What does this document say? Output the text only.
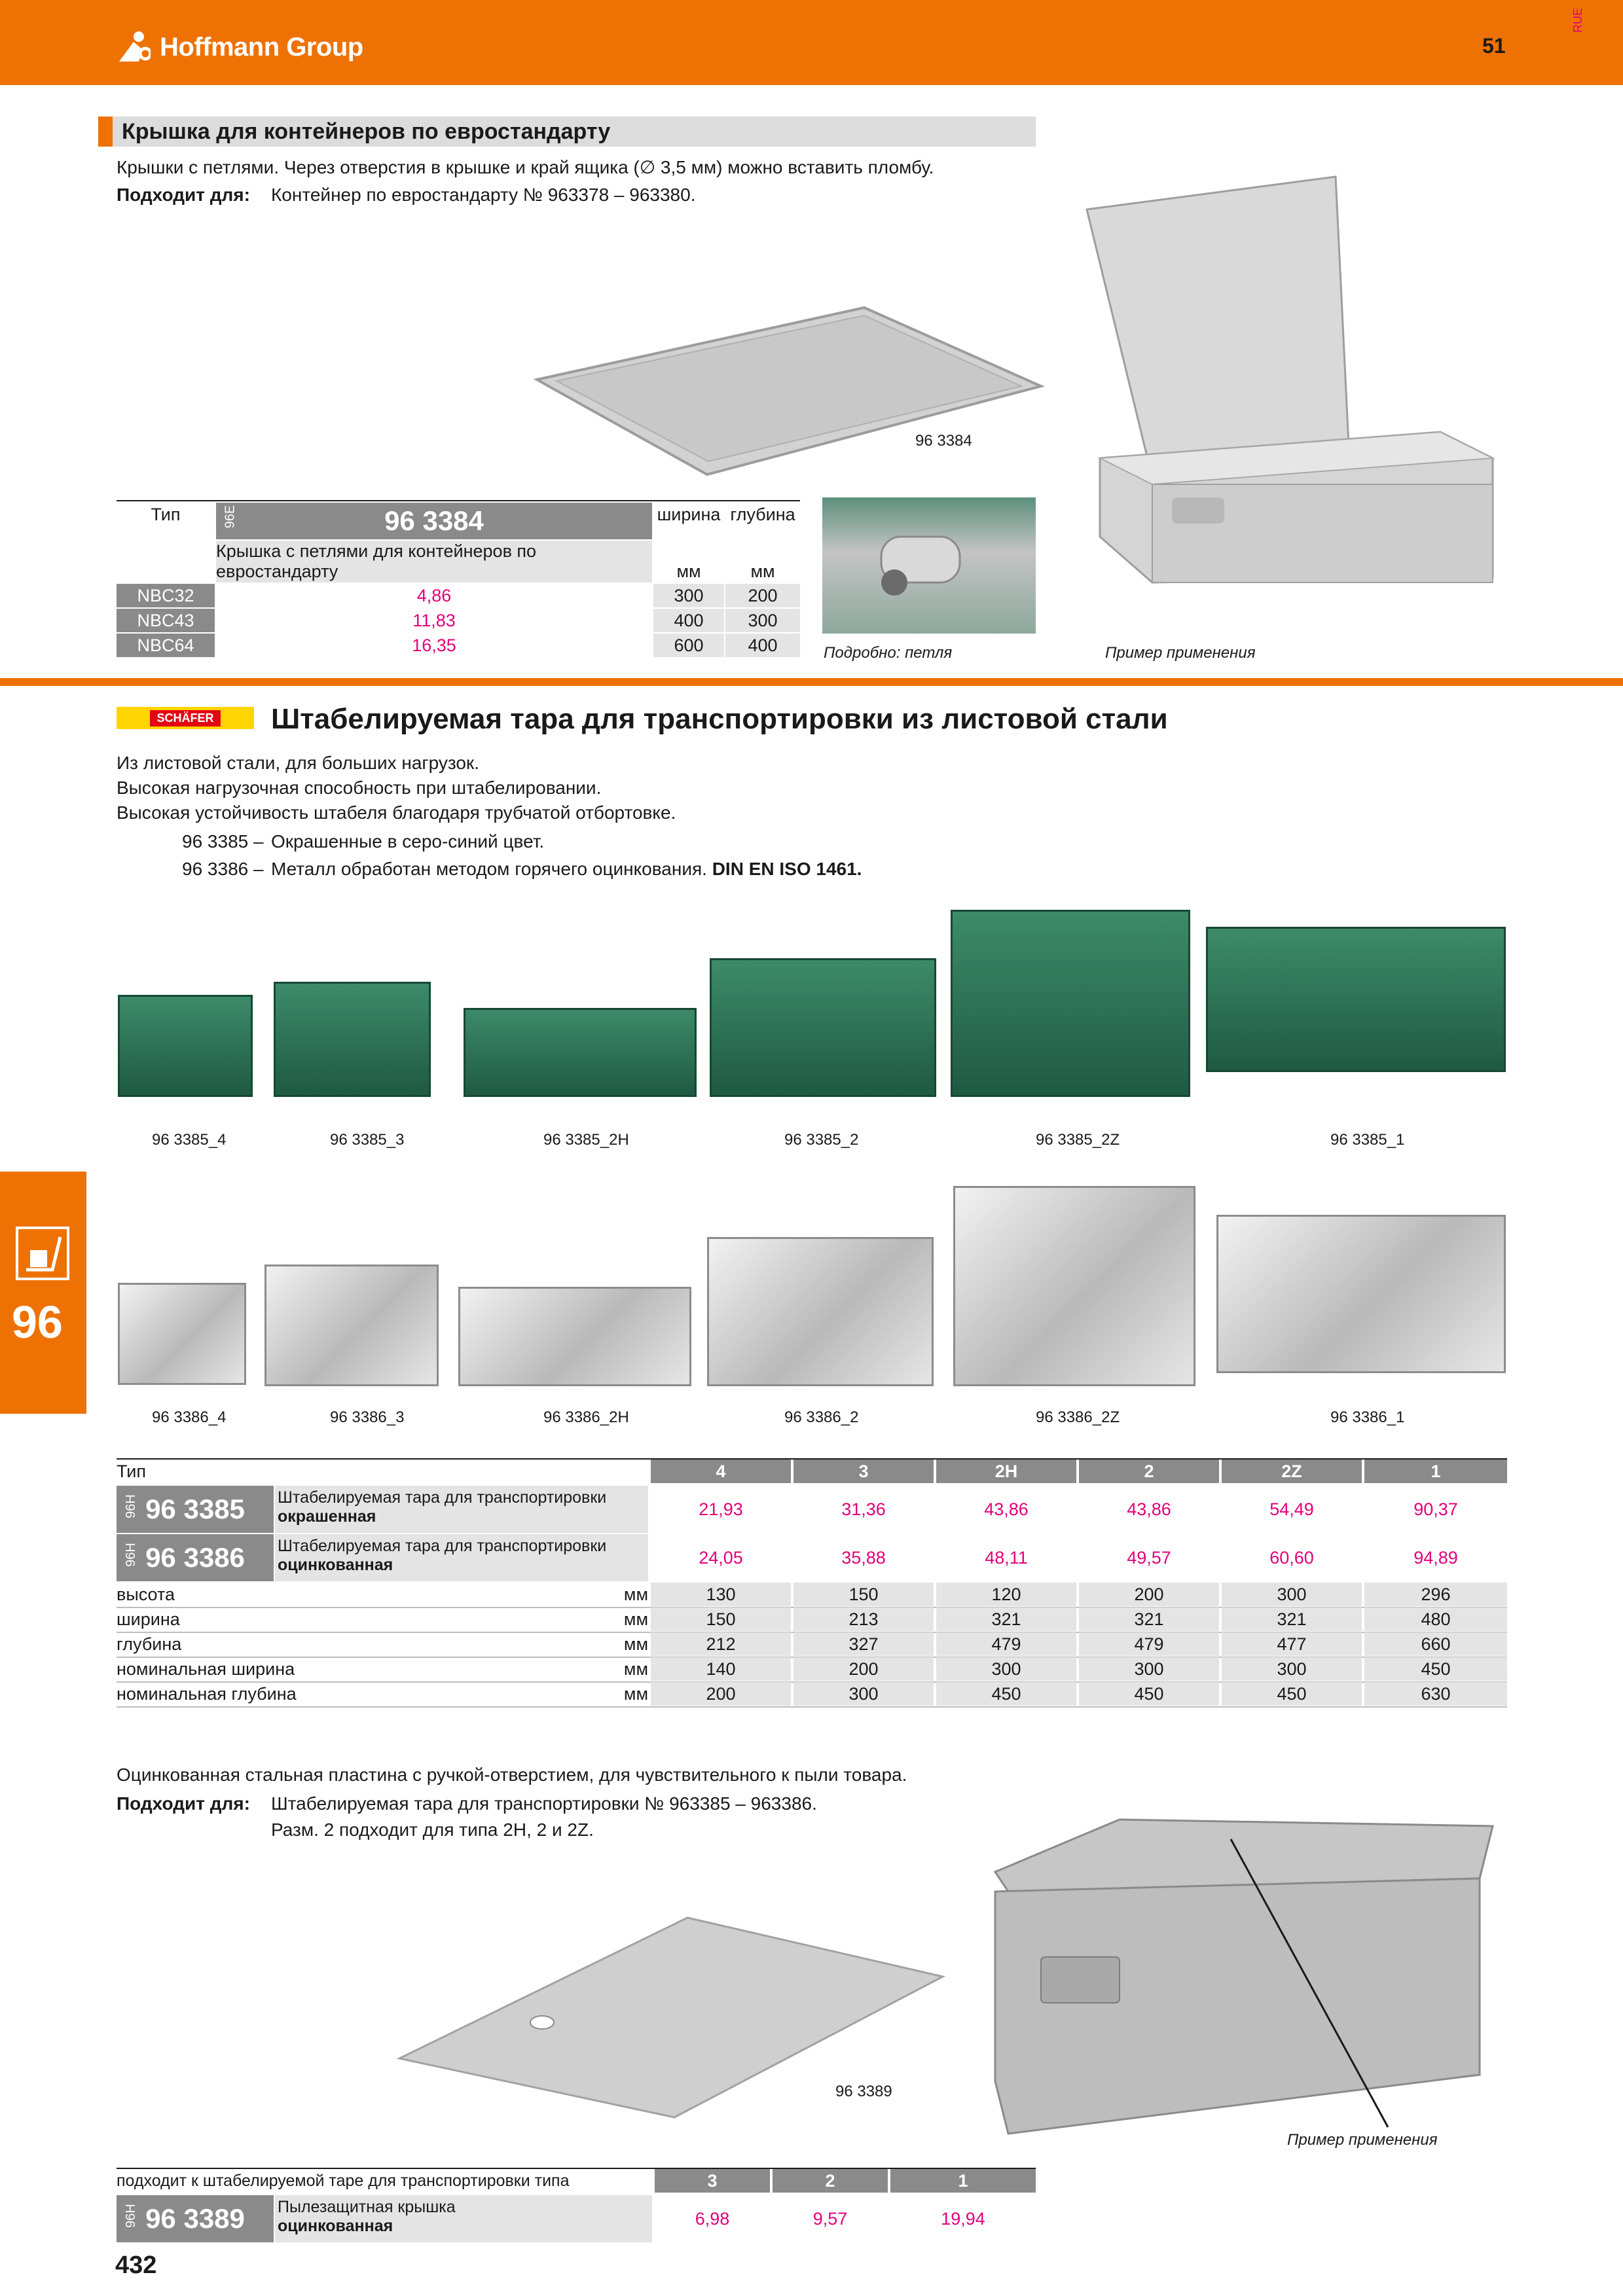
Hoffmann Group	51
RUE
Крышка для контейнеров по евростандарту
Крышки с петлями. Через отверстия в крышке и край ящика (∅ 3,5 мм) можно вставить пломбу.
Подходит для: Контейнер по евростандарту № 963378 – 963380.
96 3384
Подробно: петля	Пример применения
Тип	96E	96 3384
Крышка с петлями для контейнеров по евростандарту
ширина глубина
мм	мм
NBC32	4,86	300	200
NBC43	11,83	400	300
NBC64	16,35	600	400
SCHÄFER Штабелируемая тара для транспортировки из листовой стали
Из листовой стали, для больших нагрузок.
Высокая нагрузочная способность при штабелировании.
Высокая устойчивость штабеля благодаря трубчатой отбортовке.
96 3385 – Окрашенные в серо-синий цвет.
96 3386 – Металл обработан методом горячего оцинкования. DIN EN ISO 1461.
96 3385_4	96 3385_3	96 3385_2H	96 3385_2	96 3385_2Z	96 3385_1
96 3386_4	96 3386_3	96 3386_2H	96 3386_2	96 3386_2Z	96 3386_1
96
Тип	4	3	2H	2	2Z	1
96H 96 3385 Штабелируемая тара для транспортировки
окрашенная	21,93	31,36	43,86	43,86	54,49	90,37
96H 96 3386 Штабелируемая тара для транспортировки
оцинкованная	24,05	35,88	48,11	49,57	60,60	94,89
высота	мм	130	150	120	200	300	296
ширина	мм	150	213	321	321	321	480
глубина	мм	212	327	479	479	477	660
номинальная ширина	мм	140	200	300	300	300	450
номинальная глубина	мм	200	300	450	450	450	630
Оцинкованная стальная пластина с ручкой-отверстием, для чувствительного к пыли товара.
Подходит для: Штабелируемая тара для транспортировки № 963385 – 963386.
Разм. 2 подходит для типа 2H, 2 и 2Z.
96 3389
Пример применения
подходит к штабелируемой таре для транспортировки типа	3	2	1
96H 96 3389 Пылезащитная крышка
оцинкованная	6,98	9,57	19,94
432
